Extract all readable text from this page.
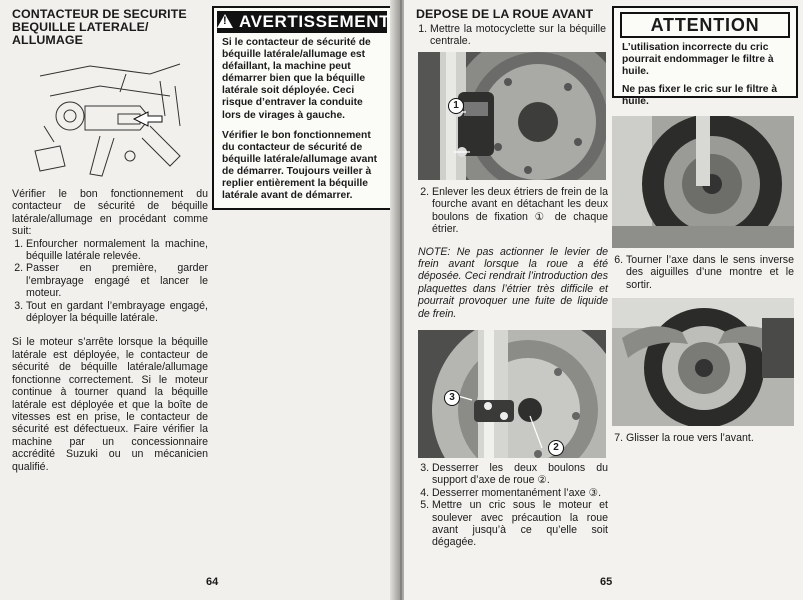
CONTACTEUR DE SECURITE

BEQUILLE LATERALE/

ALLUMAGE

Vérifier le bon fonctionnement du contacteur de sécurité de béquille latérale/allumage en procédant comme suit:

1. Enfourcher normalement la machine, béquille latérale relevée.
2. Passer en première, garder l’embrayage engagé et lancer le moteur.
3. Tout en gardant l’embrayage engagé, déployer la béquille latérale.

Si le moteur s’arrête lorsque la béquille latérale est déployée, le contacteur de sécurité de béquille latérale/allumage fonctionne correctement. Si le moteur continue à tourner quand la béquille latérale est déployée et que la boîte de vitesses est en prise, le contacteur de sécurité est défectueux. Faire vérifier la machine par un concessionnaire accrédité Suzuki ou un mécanicien qualifié.

! AVERTISSEMENT

Si le contacteur de sécurité de béquille latérale/allumage est défaillant, la machine peut démarrer bien que la béquille latérale soit déployée. Ceci risque d’entraver la conduite lors de virages à gauche.

Vérifier le bon fonctionnement du contacteur de sécurité de béquille latérale/allumage avant de démarrer. Toujours veiller à replier entièrement la béquille latérale avant de démarrer.

64

DEPOSE DE LA ROUE AVANT

1. Mettre la motocyclette sur la béquille centrale.
1
2. Enlever les deux étriers de frein de la fourche avant en détachant les deux boulons de fixation ① de chaque étrier.

NOTE: Ne pas actionner le levier de frein avant lorsque la roue a été déposée. Ceci rendrait l’introduction des plaquettes dans l’étrier très difficile et pourrait provoquer une fuite de liquide de frein.

3
2
3. Desserrer les deux boulons du support d’axe de roue ②.
4. Desserrer momentanément l’axe ③.
5. Mettre un cric sous le moteur et soulever avec précaution la roue avant jusqu’à ce qu’elle soit dégagée.
ATTENTION

L’utilisation incorrecte du cric pourrait endommager le filtre à huile.

Ne pas fixer le cric sur le filtre à huile.

6. Tourner l’axe dans le sens inverse des aiguilles d’une montre et le sortir.
7. Glisser la roue vers l’avant.
65
